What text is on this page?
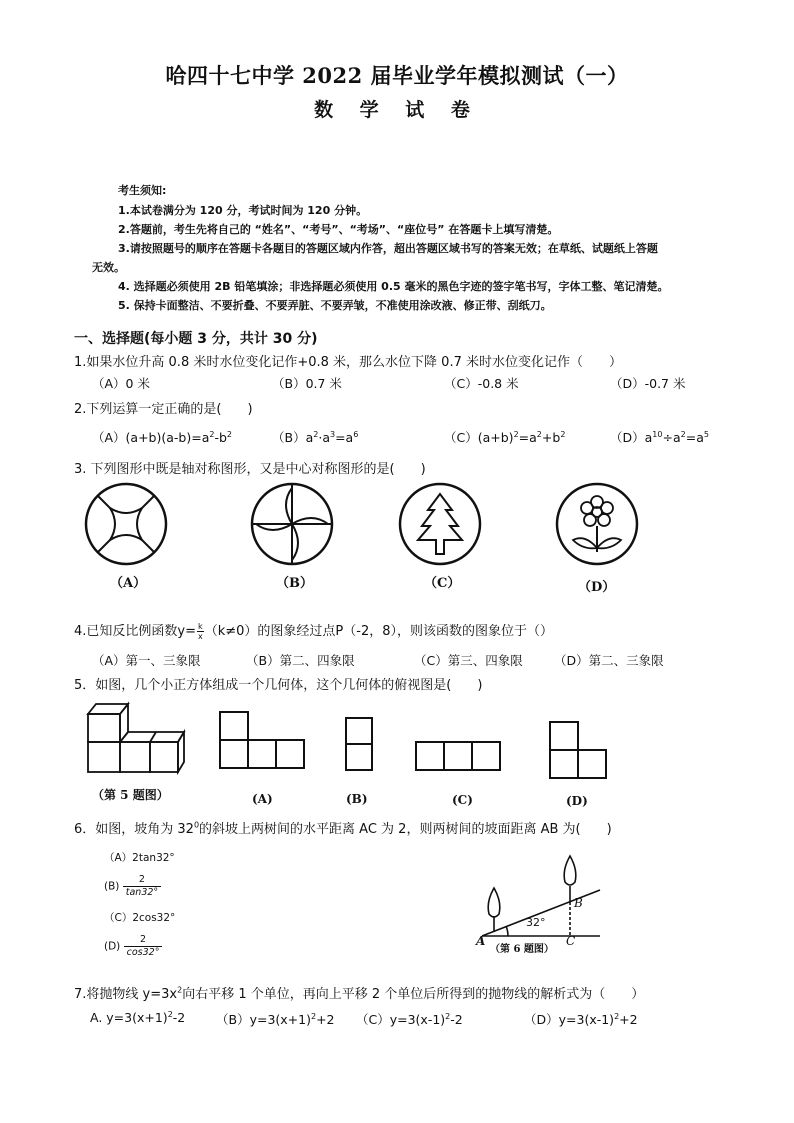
哈四十七中学 2022 届毕业学年模拟测试（一）
数 学 试 卷
考生须知:
1.本试卷满分为 120 分，考试时间为 120 分钟。
2.答题前，考生先将自己的 “姓名”、“考号”、“考场”、“座位号” 在答题卡上填写清楚。
3.请按照题号的顺序在答题卡各题目的答题区域内作答，超出答题区域书写的答案无效；在草纸、试题纸上答题
无效。
4. 选择题必须使用 2B 铅笔填涂；非选择题必须使用 0.5 毫米的黑色字迹的签字笔书写，字体工整、笔记清楚。
5. 保持卡面整洁、不要折叠、不要弄脏、不要弄皱，不准使用涂改液、修正带、刮纸刀。
一、选择题(每小题 3 分，共计 30 分)
1.如果水位升高 0.8 米时水位变化记作+0.8 米，那么水位下降 0.7 米时水位变化记作（　　）
（A）0 米	（B）0.7 米	（C）-0.8 米	（D）-0.7 米
2.下列运算一定正确的是(　　)
$(A)(a+b)(a-b)=a^2-b^2$	$(B)a^2\cdot a^3=a^6$	$(C)(a+b)^2=a^2+b^2$	$(D)a^{10}\div a^2=a^5$
3. 下列图形中既是轴对称图形，又是中心对称图形的是(　　)
（A）	（B）	（C）	（D）
4.已知反比例函数$y= \frac{k}{x} (k\ne 0)$的图象经过点P（-2，8），则该函数的图象位于（）
（A）第一、三象限	（B）第二、四象限	（C）第三、四象限	（D）第二、三象限
5．如图，几个小正方体组成一个几何体，这个几何体的俯视图是(　　)
（第 5 题图）	(A)	(B)	(C)	(D)
6．如图，坡角为 $32^0$的斜坡上两树间的水平距离 AC 为 2，则两树间的坡面距离 AB 为(　　)
（A）2tan32°
$(B) \frac{2}{\tan 32^\circ}$
（C）2cos32°
$(D) \frac{2}{\cos 32^\circ}$
32°
A
B
C
（第 6 题图）
7.将抛物线 $y=3x^2$向右平移 1 个单位，再向上平移 2 个单位后所得到的抛物线的解析式为（　　）
A. $y=3(x+1)^2-2$ $(B)y=3(x+1)^2+2$ $(C)y=3(x-1)^2-2$	$(D)y=3(x-1)^2+2$
